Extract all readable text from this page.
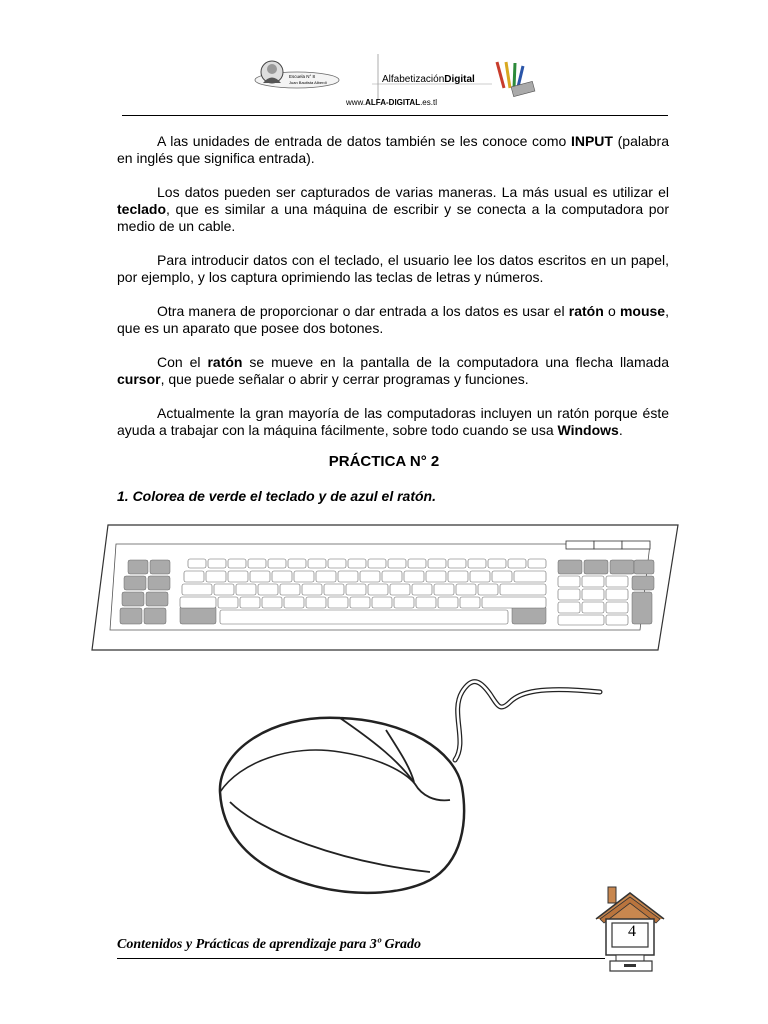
Escuela N° 8
Juan Bautista Alberdi	AlfabetizaciónDigital
www.ALFA-DIGITAL.es.tl

A las unidades de entrada de datos también se les conoce como INPUT (palabra en inglés que significa entrada).

Los datos pueden ser capturados de varias maneras. La más usual es utilizar el teclado, que es similar a una máquina de escribir y se conecta a la computadora por medio de un cable.

Para introducir datos con el teclado, el usuario lee los datos escritos en un papel, por ejemplo, y los captura oprimiendo las teclas de letras y números.

Otra manera de proporcionar o dar entrada a los datos es usar el ratón o mouse, que es un aparato que posee dos botones.

Con el ratón se mueve en la pantalla de la computadora una flecha llamada cursor, que puede señalar o abrir y cerrar programas y funciones.

Actualmente la gran mayoría de las computadoras incluyen un ratón porque éste ayuda a trabajar con la máquina fácilmente, sobre todo cuando se usa Windows.

PRÁCTICA N° 2
1. Colorea de verde el teclado y de azul el ratón.
Contenidos y Prácticas de aprendizaje para 3º Grado
4
